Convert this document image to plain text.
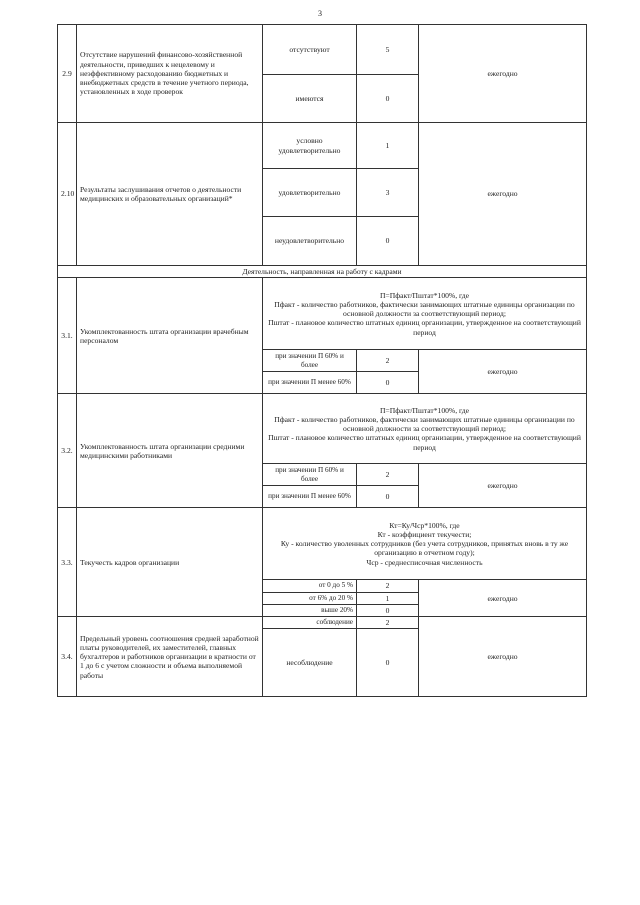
3
2.9	Отсутствие нарушений финансово-хозяйственной деятельности, приведших к нецелевому и неэффективному расходованию бюджетных и внебюджетных средств в течение учетного периода, установленных в ходе проверок	отсутствуют	5	ежегодно
		имеются	0	
2.10	Результаты заслушивания отчетов о деятельности медицинских и образовательных организаций*	условно удовлетворительно	1	ежегодно
		удовлетворительно	3	
		неудовлетворительно	0	
Деятельность, направленная на работу с кадрами				
3.1.	Укомплектованность штата организации врачебным персоналом	П=Пфакт/Пштат*100%, где
Пфакт - количество работников, фактически занимающих штатные единицы организации по основной должности за соответствующий период;
Пштат - плановое количество штатных единиц организации, утвержденное на соответствующий период		

		при значении П 60% и более	2	ежегодно
		при значении П менее 60%	0	
3.2.	Укомплектованность штата организации средними медицинскими работниками	П=Пфакт/Пштат*100%, где
Пфакт - количество работников, фактически занимающих штатные единицы организации по основной должности за соответствующий период;
Пштат - плановое количество штатных единиц организации, утвержденное на соответствующий период		

		при значении П 60% и более	2	ежегодно
		при значении П менее 60%	0	
3.3.	Текучесть кадров организации	Кт=Ку/Чср*100%, где
Кт - коэффициент текучести;
Ку - количество уволенных сотрудников (без учета сотрудников, принятых вновь в ту же организацию в отчетном году);
Чср - среднесписочная численность		

		от 0 до 5 %	2	ежегодно
		от 6% до 20 %	1	
		выше 20%	0	
3.4.	Предельный уровень соотношения средней заработной платы руководителей, их заместителей, главных бухгалтеров и работников организации в кратности от 1 до 6 с учетом сложности и объема выполняемой работы	соблюдение	2	ежегодно
		несоблюдение	0	
